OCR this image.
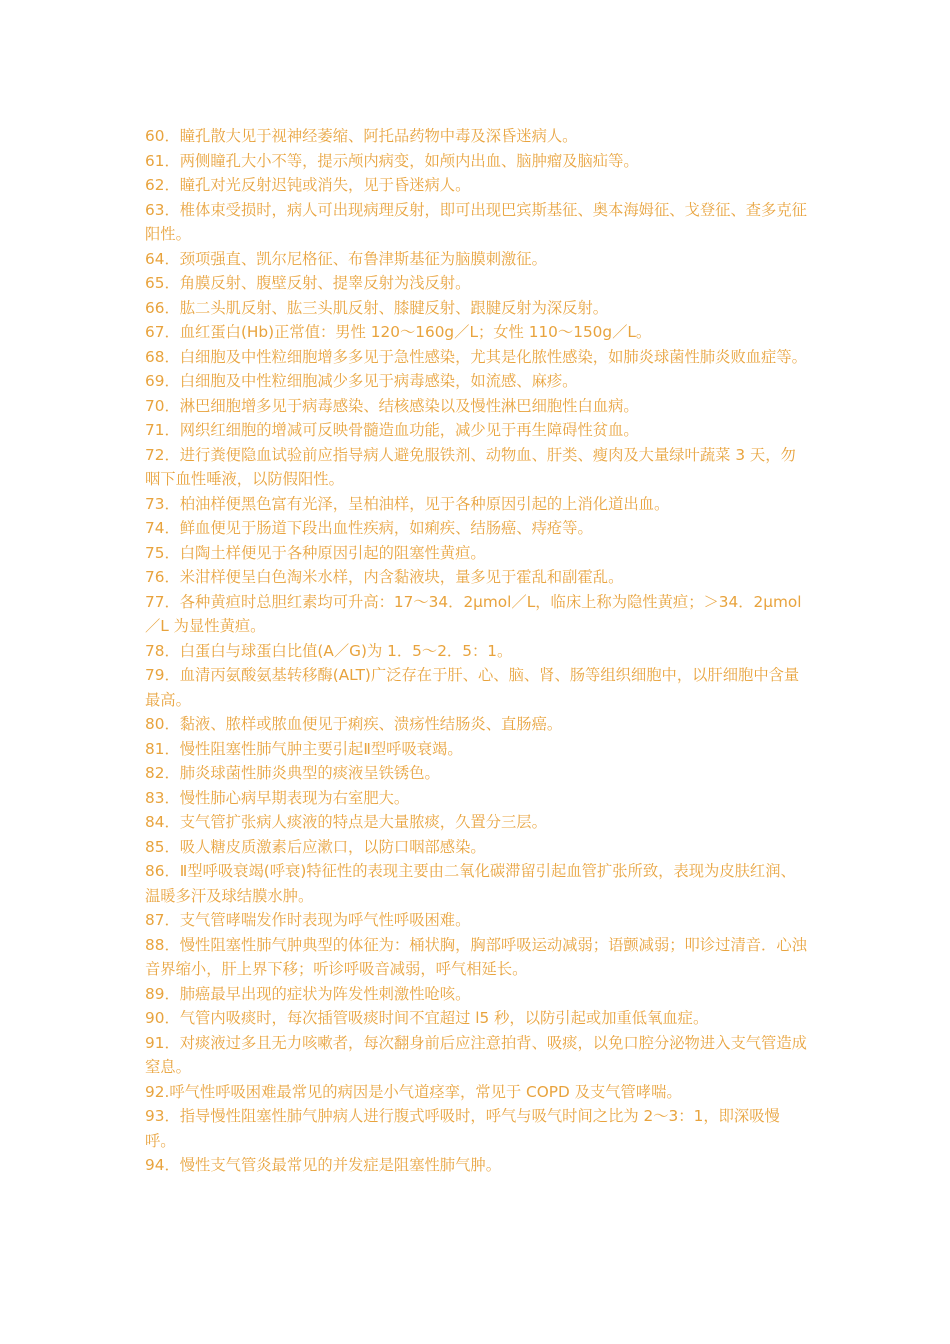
60．瞳孔散大见于视神经萎缩、阿托品药物中毒及深昏迷病人。

61．两侧瞳孔大小不等，提示颅内病变，如颅内出血、脑肿瘤及脑疝等。

62．瞳孔对光反射迟钝或消失，见于昏迷病人。

63．椎体束受损时，病人可出现病理反射，即可出现巴宾斯基征、奥本海姆征、戈登征、查多克征阳性。

64．颈项强直、凯尔尼格征、布鲁津斯基征为脑膜刺激征。

65．角膜反射、腹壁反射、提睾反射为浅反射。

66．肱二头肌反射、肱三头肌反射、膝腱反射、跟腱反射为深反射。

67．血红蛋白(Hb)正常值：男性 120～160g／L；女性 110～150g／L。

68．白细胞及中性粒细胞增多多见于急性感染，尤其是化脓性感染，如肺炎球菌性肺炎败血症等。

69．白细胞及中性粒细胞减少多见于病毒感染，如流感、麻疹。

70．淋巴细胞增多见于病毒感染、结核感染以及慢性淋巴细胞性白血病。

71．网织红细胞的增减可反映骨髓造血功能，减少见于再生障碍性贫血。

72．进行粪便隐血试验前应指导病人避免服铁剂、动物血、肝类、瘦肉及大量绿叶蔬菜 3 天，勿咽下血性唾液，以防假阳性。

73．柏油样便黑色富有光泽，呈柏油样，见于各种原因引起的上消化道出血。

74．鲜血便见于肠道下段出血性疾病，如痢疾、结肠癌、痔疮等。

75．白陶土样便见于各种原因引起的阻塞性黄疸。

76．米泔样便呈白色淘米水样，内含黏液块，量多见于霍乱和副霍乱。

77．各种黄疸时总胆红素均可升高：17～34．2μmol／L，临床上称为隐性黄疸；＞34．2μmol／L 为显性黄疸。

78．白蛋白与球蛋白比值(A／G)为 1．5～2．5：1。

79．血清丙氨酸氨基转移酶(ALT)广泛存在于肝、心、脑、肾、肠等组织细胞中，以肝细胞中含量最高。

80．黏液、脓样或脓血便见于痢疾、溃疡性结肠炎、直肠癌。

81．慢性阻塞性肺气肿主要引起Ⅱ型呼吸衰竭。

82．肺炎球菌性肺炎典型的痰液呈铁锈色。

83．慢性肺心病早期表现为右室肥大。

84．支气管扩张病人痰液的特点是大量脓痰，久置分三层。

85．吸人糖皮质激素后应漱口，以防口咽部感染。

86．Ⅱ型呼吸衰竭(呼衰)特征性的表现主要由二氧化碳滞留引起血管扩张所致，表现为皮肤红润、温暖多汗及球结膜水肿。

87．支气管哮喘发作时表现为呼气性呼吸困难。

88．慢性阻塞性肺气肿典型的体征为：桶状胸，胸部呼吸运动减弱；语颤减弱；叩诊过清音．心浊音界缩小，肝上界下移；听诊呼吸音减弱，呼气相延长。

89．肺癌最早出现的症状为阵发性刺激性呛咳。

90．气管内吸痰时，每次插管吸痰时间不宜超过 l5 秒，以防引起或加重低氧血症。

91．对痰液过多且无力咳嗽者，每次翻身前后应注意拍背、吸痰，以免口腔分泌物进入支气管造成窒息。

92.呼气性呼吸困难最常见的病因是小气道痉挛，常见于 COPD 及支气管哮喘。

93．指导慢性阻塞性肺气肿病人进行腹式呼吸时，呼气与吸气时间之比为 2～3：1，即深吸慢呼。

94．慢性支气管炎最常见的并发症是阻塞性肺气肿。
